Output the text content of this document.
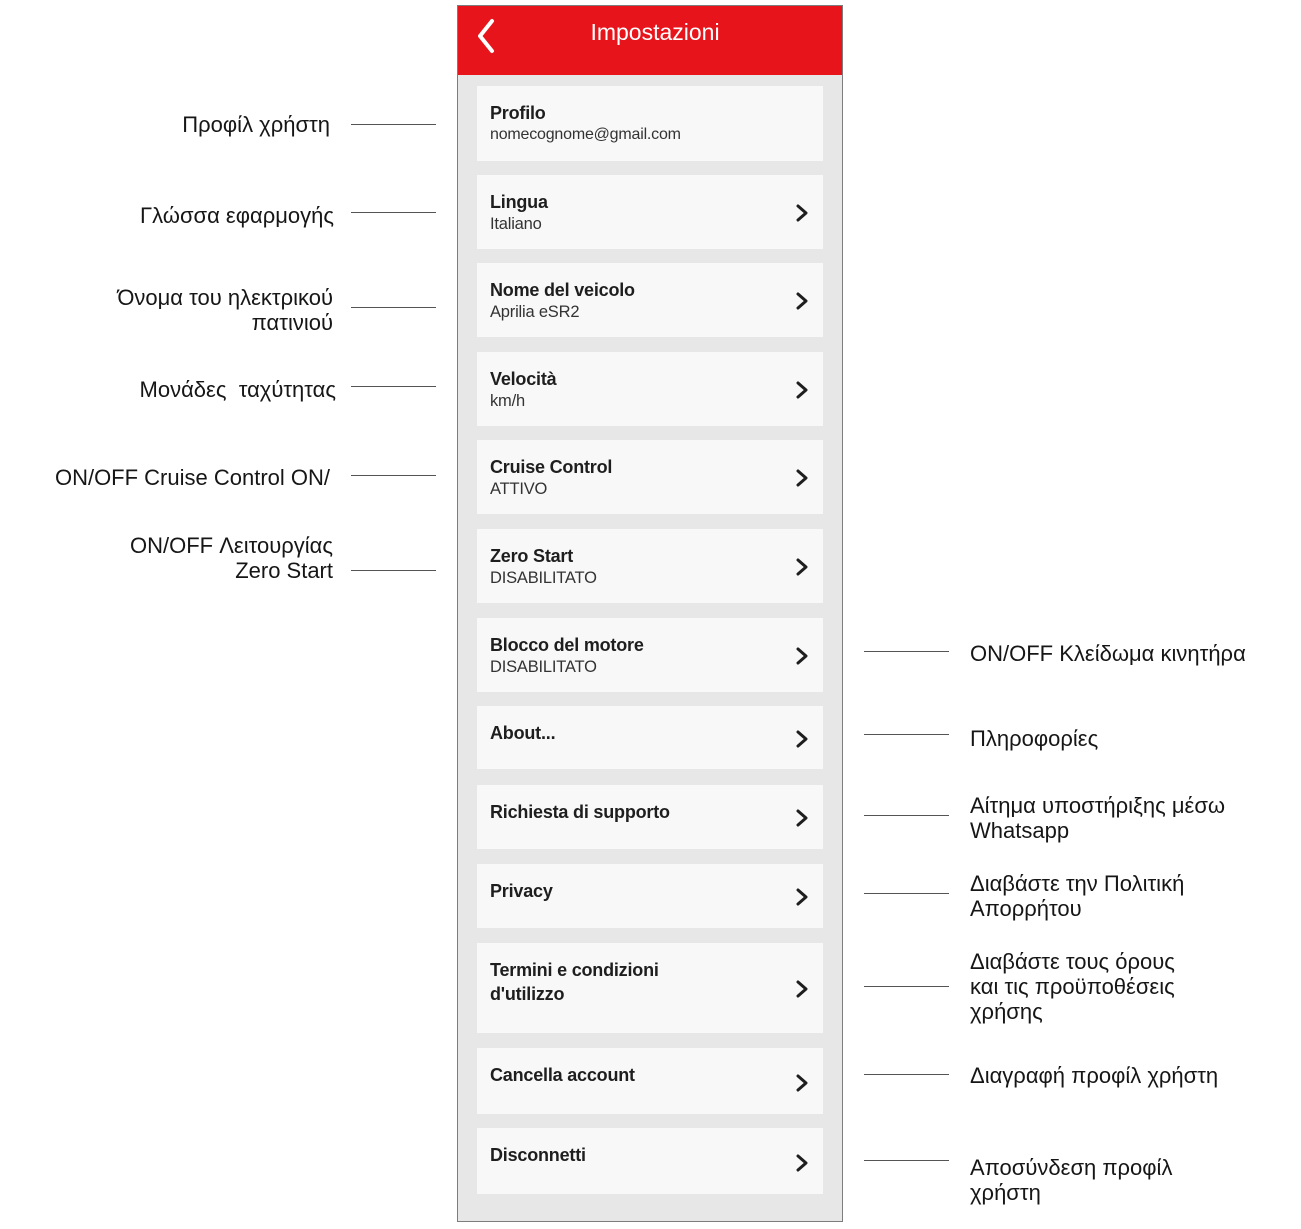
Impostazioni
Profilo
nomecognome@gmail.com
Lingua
Italiano
Nome del veicolo
Aprilia eSR2
Velocità
km/h
Cruise Control
ATTIVO
Zero Start
DISABILITATO
Blocco del motore
DISABILITATO
About...
Richiesta di supporto
Privacy
Termini e condizioni
d'utilizzo
Cancella account
Disconnetti
Προφίλ χρήστη
Γλώσσα εφαρμογής
Όνομα του ηλεκτρικού
πατινιού
Μονάδες  ταχύτητας
ON/OFF Cruise Control ON/
ON/OFF Λειτουργίας
Zero Start
ON/OFF Κλείδωμα κινητήρα
Πληροφορίες
Αίτημα υποστήριξης μέσω
Whatsapp
Διαβάστε την Πολιτική
Απορρήτου
Διαβάστε τους όρους
και τις προϋποθέσεις
χρήσης
Διαγραφή προφίλ χρήστη
Αποσύνδεση προφίλ
χρήστη
